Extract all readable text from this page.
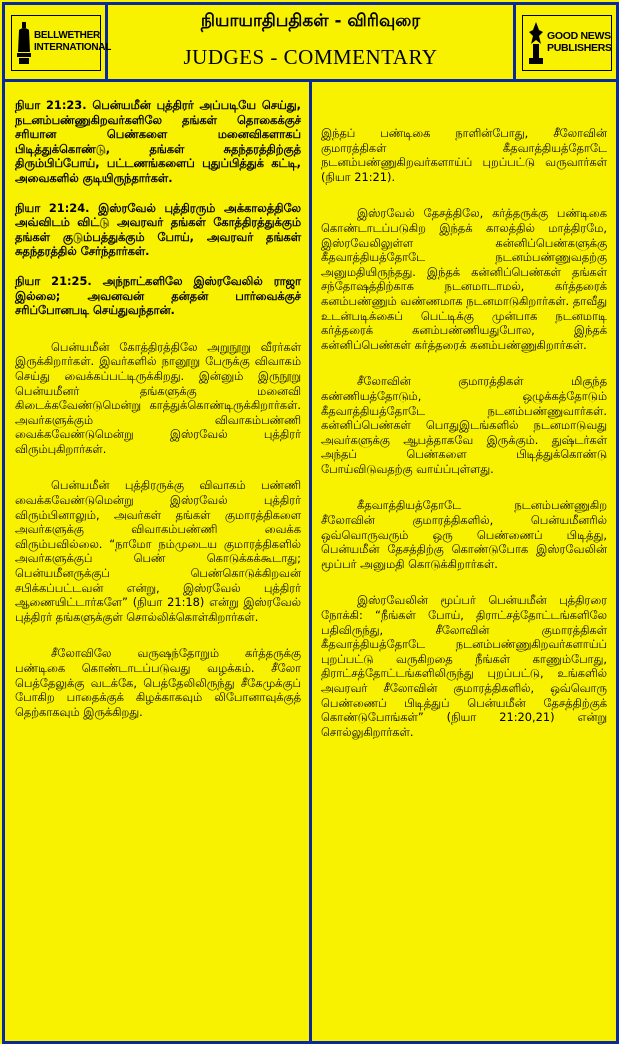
BELLWETHER
INTERNATIONAL
நியாயாதிபதிகள் - விரிவுரை
JUDGES - COMMENTARY
GOOD NEWS
PUBLISHERS

நியா 21:23. பென்யமீன் புத்திரர் அப்படியே செய்து, நடனம்பண்ணுகிறவர்களிலே தங்கள் தொகைக்குச் சரியான பெண்களை மனைவிகளாகப் பிடித்துக்கொண்டு, தங்கள் சுதந்தரத்திற்குத் திரும்பிப்போய், பட்டணங்களைப் புதுப்பித்துக் கட்டி, அவைகளில் குடியிருந்தார்கள்.

நியா 21:24. இஸ்ரவேல் புத்திரரும் அக்காலத்திலே அவ்விடம் விட்டு அவரவர் தங்கள் கோத்திரத்துக்கும் தங்கள் குடும்பத்துக்கும் போய், அவரவர் தங்கள் சுதந்தரத்தில் சேர்ந்தார்கள்.

நியா 21:25. அந்நாட்களிலே இஸ்ரவேலில் ராஜா இல்லை; அவனவன் தன்தன் பார்வைக்குச் சரிப்போனபடி செய்துவந்தான்.

பென்யமீன் கோத்திரத்திலே அறுநூறு வீரர்கள் இருக்கிறார்கள். இவர்களில் நானூறு பேருக்கு விவாகம் செய்து வைக்கப்பட்டிருக்கிறது. இன்னும் இருநூறு பென்யமீனர் தங்களுக்கு மனைவி கிடைக்கவேண்டுமென்று காத்துக்கொண்டிருக்கிறார்கள். அவர்களுக்கும் விவாகம்பண்ணி வைக்கவேண்டுமென்று இஸ்ரவேல் புத்திரர் விரும்புகிறார்கள்.

பென்யமீன் புத்திரருக்கு விவாகம் பண்ணி வைக்கவேண்டுமென்று இஸ்ரவேல் புத்திரர் விரும்பினாலும், அவர்கள் தங்கள் குமாரத்திகளை அவர்களுக்கு விவாகம்பண்ணி வைக்க விரும்பவில்லை. “நாமோ நம்முடைய குமாரத்திகளில் அவர்களுக்குப் பெண் கொடுக்கக்கூடாது; பென்யமீனருக்குப் பெண்கொடுக்கிறவன் சபிக்கப்பட்டவன் என்று, இஸ்ரவேல் புத்திரர் ஆணையிட்டார்களே” (நியா 21:18) என்று இஸ்ரவேல் புத்திரர் தங்களுக்குள் சொல்லிக்கொள்கிறார்கள்.

சீலோவிலே வருஷந்தோறும் கர்த்தருக்கு பண்டிகை கொண்டாடப்படுவது வழக்கம். சீலோ பெத்தேலுக்கு வடக்கே, பெத்தேலிலிருந்து சீகேமுக்குப் போகிற பாதைக்குக் கிழக்காகவும் லிபோனாவுக்குத் தெற்காகவும் இருக்கிறது.

இந்தப் பண்டிகை நாளின்போது, சீலோவின் குமாரத்திகள் கீதவாத்தியத்தோடே நடனம்பண்ணுகிறவர்களாய்ப் புறப்பட்டு வருவார்கள் (நியா 21:21).

இஸ்ரவேல் தேசத்திலே, கர்த்தருக்கு பண்டிகை கொண்டாடப்படுகிற இந்தக் காலத்தில் மாத்திரமே, இஸ்ரவேலிலுள்ள கன்னிப்பெண்களுக்கு கீதவாத்தியத்தோடே நடனம்பண்ணுவதற்கு அனுமதியிருந்தது. இந்தக் கன்னிப்பெண்கள் தங்கள் சந்தோஷத்திற்காக நடனமாடாமல், கர்த்தரைக் கனம்பண்ணும் வண்ணமாக நடனமாடுகிறார்கள். தாவீது உடன்படிக்கைப் பெட்டிக்கு முன்பாக நடனமாடி கர்த்தரைக் கனம்பண்ணியதுபோல, இந்தக் கன்னிப்பெண்கள் கர்த்தரைக் கனம்பண்ணுகிறார்கள்.

சீலோவின் குமாரத்திகள் மிகுந்த கண்ணியத்தோடும், ஒழுக்கத்தோடும் கீதவாத்தியத்தோடே நடனம்பண்ணுவார்கள். கன்னிப்பெண்கள் பொதுஇடங்களில் நடனமாடுவது அவர்களுக்கு ஆபத்தாகவே இருக்கும். துஷ்டர்கள் அந்தப் பெண்களை பிடித்துக்கொண்டு போய்விடுவதற்கு வாய்ப்புள்ளது.

கீதவாத்தியத்தோடே நடனம்பண்ணுகிற சீலோவின் குமாரத்திகளில், பென்யமீனரில் ஒவ்வொருவரும் ஒரு பெண்ணைப் பிடித்து, பென்யமீன் தேசத்திற்கு கொண்டுபோக இஸ்ரவேலின் மூப்பர் அனுமதி கொடுக்கிறார்கள்.

இஸ்ரவேலின் மூப்பர் பென்யமீன் புத்திரரை நோக்கி: “நீங்கள் போய், திராட்சத்தோட்டங்களிலே பதிவிருந்து, சீலோவின் குமாரத்திகள் கீதவாத்தியத்தோடே நடனம்பண்ணுகிறவர்களாய்ப் புறப்பட்டு வருகிறதை நீங்கள் காணும்போது, திராட்சத்தோட்டங்களிலிருந்து புறப்பட்டு, உங்களில் அவரவர் சீலோவின் குமாரத்திகளில், ஒவ்வொரு பெண்ணைப் பிடித்துப் பென்யமீன் தேசத்திற்குக் கொண்டுபோங்கள்” (நியா 21:20,21) என்று சொல்லுகிறார்கள்.
